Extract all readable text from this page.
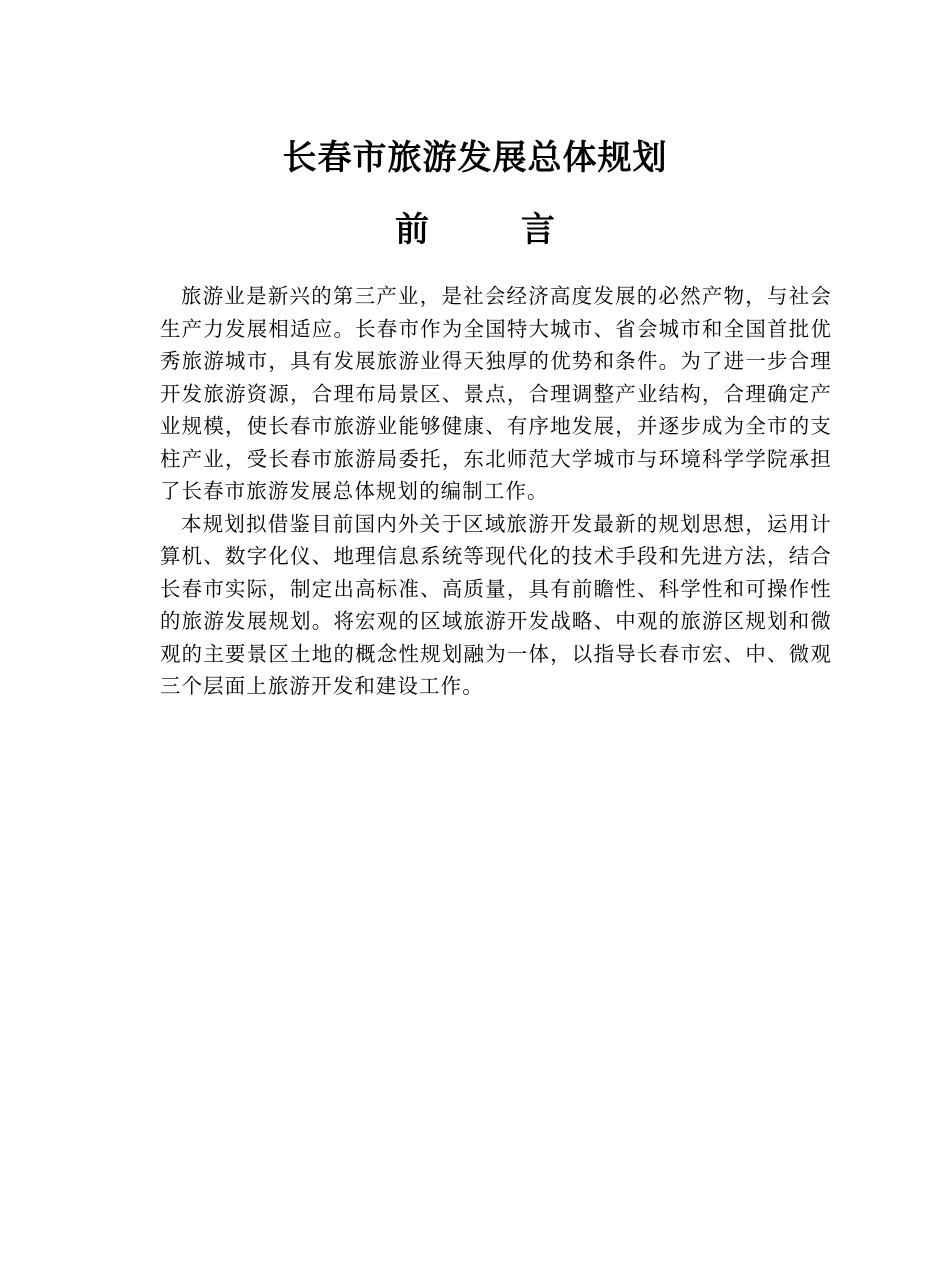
长春市旅游发展总体规划
前 言

旅游业是新兴的第三产业，是社会经济高度发展的必然产物，与社会生产力发展相适应。长春市作为全国特大城市、省会城市和全国首批优秀旅游城市，具有发展旅游业得天独厚的优势和条件。为了进一步合理开发旅游资源，合理布局景区、景点，合理调整产业结构，合理确定产业规模，使长春市旅游业能够健康、有序地发展，并逐步成为全市的支柱产业，受长春市旅游局委托，东北师范大学城市与环境科学学院承担了长春市旅游发展总体规划的编制工作。

本规划拟借鉴目前国内外关于区域旅游开发最新的规划思想，运用计算机、数字化仪、地理信息系统等现代化的技术手段和先进方法，结合长春市实际，制定出高标准、高质量，具有前瞻性、科学性和可操作性的旅游发展规划。将宏观的区域旅游开发战略、中观的旅游区规划和微观的主要景区土地的概念性规划融为一体，以指导长春市宏、中、微观三个层面上旅游开发和建设工作。
